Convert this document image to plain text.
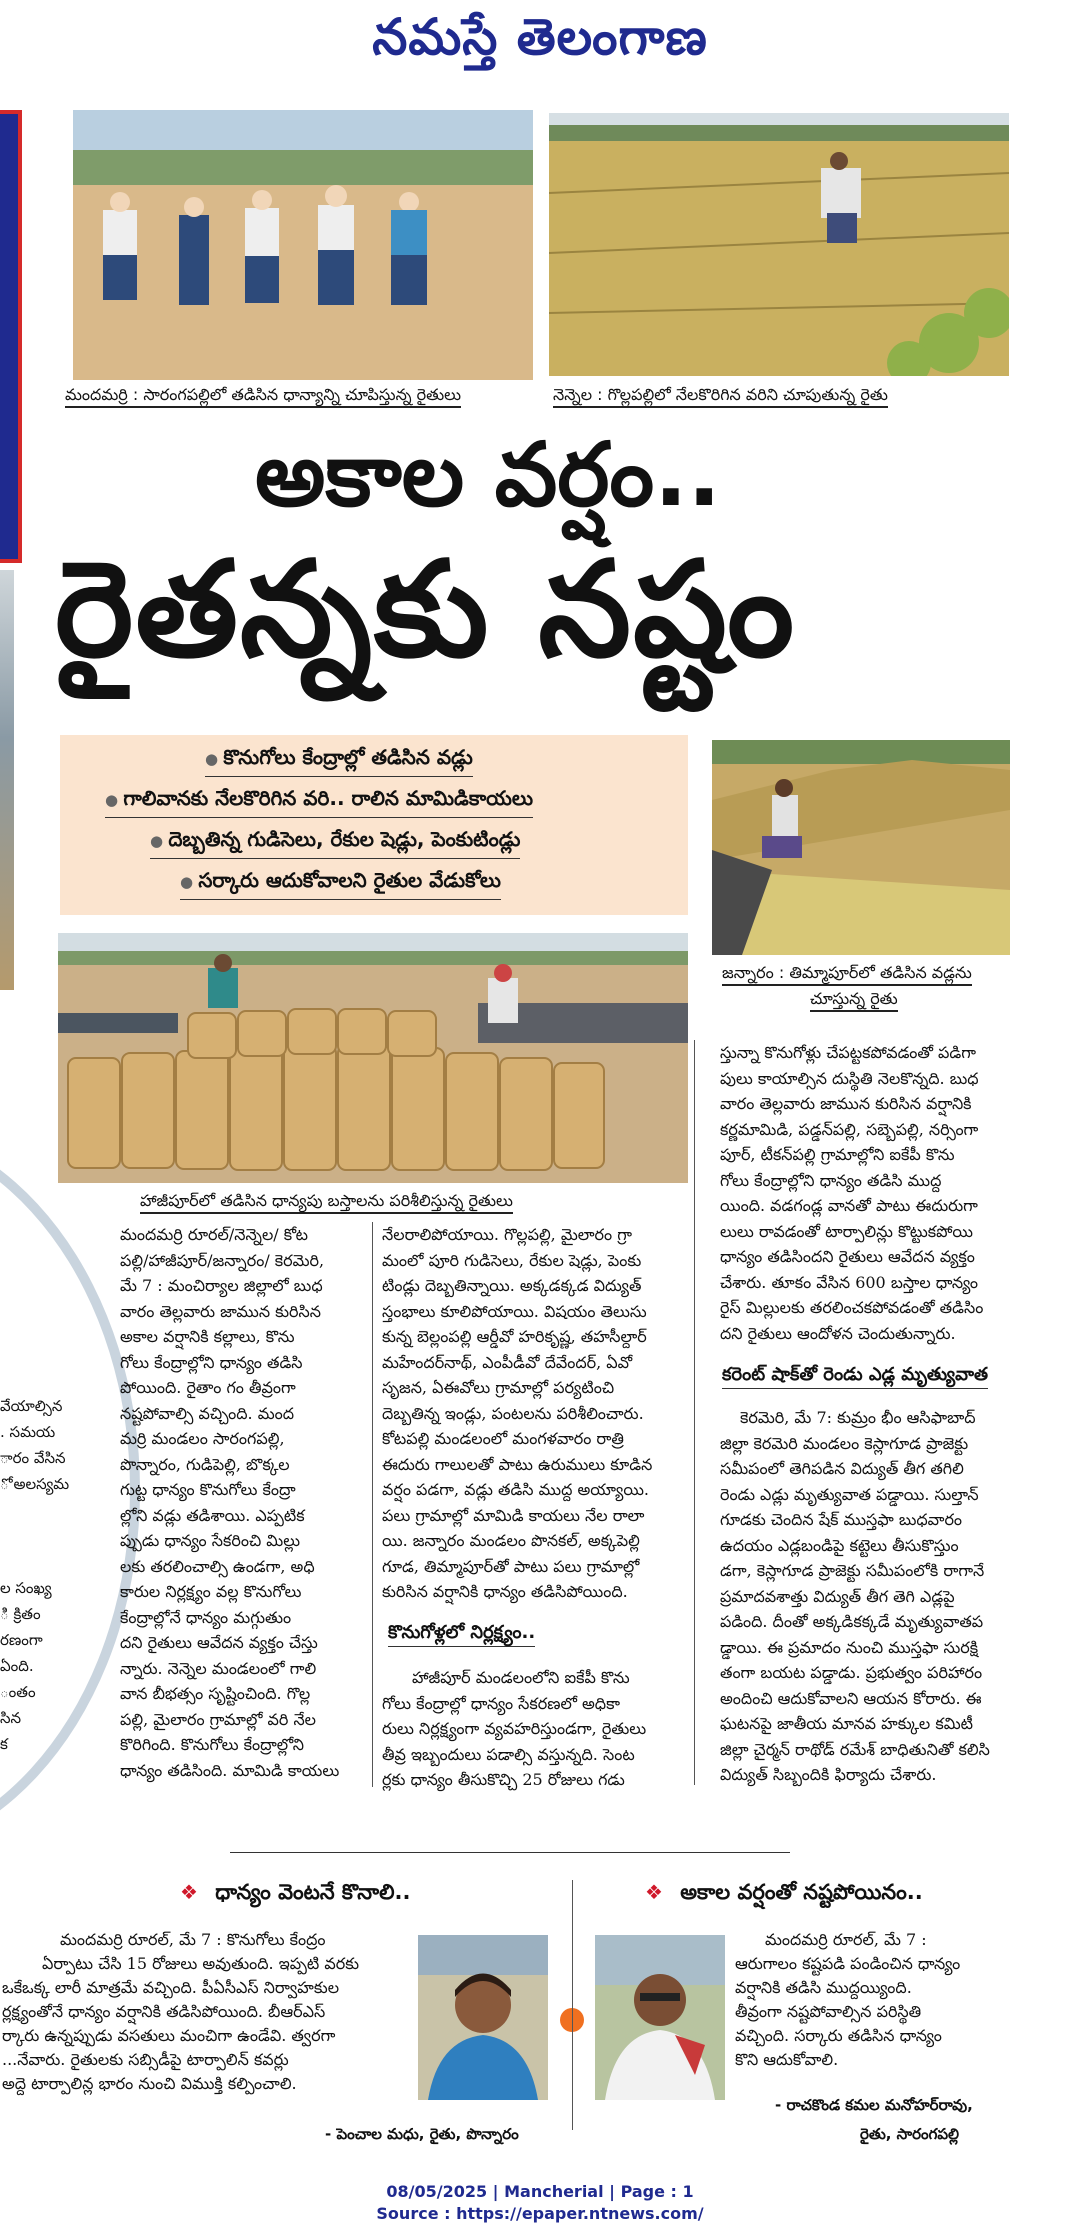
నమస్తే తెలంగాణ
మందమర్రి : సారంగపల్లిలో తడిసిన ధాన్యాన్ని చూపిస్తున్న రైతులు	నెన్నెల : గొల్లపల్లిలో నేలకొరిగిన వరిని చూపుతున్న రైతు
అకాల వర్షం..
రైతన్నకు నష్టం
● కొనుగోలు కేంద్రాల్లో తడిసిన వడ్లు
● గాలివానకు నేలకొరిగిన వరి.. రాలిన మామిడికాయలు
● దెబ్బతిన్న గుడిసెలు, రేకుల షెడ్లు, పెంకుటిండ్లు
● సర్కారు ఆదుకోవాలని రైతుల వేడుకోలు
జన్నారం : తిమ్మాపూర్‌లో తడిసిన వడ్లను
చూస్తున్న రైతు
హాజీపూర్‌లో తడిసిన ధాన్యపు బస్తాలను పరిశీలిస్తున్న రైతులు
వేయాల్సిన
. సమయ
ారం వేసిన
ో అలస్యమ

ల సంఖ్య
ి క్రితం
రణంగా
ఏంది.
ంతం
సిన
క

మందమర్రి రూరల్/నెన్నెల/ కోట

పల్లి/హాజీపూర్/జన్నారం/ కెరమెరి,

మే 7 : మంచిర్యాల జిల్లాలో బుధ

వారం తెల్లవారు జామున కురిసిన

అకాల వర్షానికి కల్లాలు, కొను

గోలు కేంద్రాల్లోని ధాన్యం తడిసి

పోయింది. రైతాం గం తీవ్రంగా

నష్టపోవాల్సి వచ్చింది. మంద

మర్రి మండలం సారంగపల్లి,

పొన్నారం, గుడిపెల్లి, బొక్కల

గుట్ట ధాన్యం కొనుగోలు కేంద్రా

ల్లోని వడ్లు తడిశాయి. ఎప్పటిక

ప్పుడు ధాన్యం సేకరించి మిల్లు

లకు తరలించాల్సి ఉండగా, అధి

కారుల నిర్లక్ష్యం వల్ల కొనుగోలు

కేంద్రాల్లోనే ధాన్యం మగ్గుతుం

దని రైతులు ఆవేదన వ్యక్తం చేస్తు

న్నారు. నెన్నెల మండలంలో గాలి

వాన బీభత్సం సృష్టించింది. గొల్ల

పల్లి, మైలారం గ్రామాల్లో వరి నేల

కొరిగింది. కొనుగోలు కేంద్రాల్లోని

ధాన్యం తడిసింది. మామిడి కాయలు

నేలరాలిపోయాయి. గొల్లపల్లి, మైలారం గ్రా

మంలో పూరి గుడిసెలు, రేకుల షెడ్లు, పెంకు

టిండ్లు దెబ్బతిన్నాయి. అక్కడక్కడ విద్యుత్

స్తంభాలు కూలిపోయాయి. విషయం తెలుసు

కున్న బెల్లంపల్లి ఆర్డీవో హరికృష్ణ, తహసీల్దార్

మహేందర్‌నాథ్, ఎంపీడీవో దేవేందర్, ఏవో

సృజన, ఏఈవోలు గ్రామాల్లో పర్యటించి

దెబ్బతిన్న ఇండ్లు, పంటలను పరిశీలించారు.

కోటపల్లి మండలంలో మంగళవారం రాత్రి

ఈదురు గాలులతో పాటు ఉరుములు కూడిన

వర్షం పడగా, వడ్లు తడిసి ముద్ద అయ్యాయి.

పలు గ్రామాల్లో మామిడి కాయలు నేల రాలా

యి. జన్నారం మండలం పొనకల్, అక్కపెల్లి

గూడ, తిమ్మాపూర్‌తో పాటు పలు గ్రామాల్లో

కురిసిన వర్షానికి ధాన్యం తడిసిపోయింది.

కొనుగోళ్లలో నిర్లక్ష్యం..

హాజీపూర్ మండలంలోని ఐకేపీ కొను

గోలు కేంద్రాల్లో ధాన్యం సేకరణలో అధికా

రులు నిర్లక్ష్యంగా వ్యవహరిస్తుండగా, రైతులు

తీవ్ర ఇబ్బందులు పడాల్సి వస్తున్నది. సెంట

ర్లకు ధాన్యం తీసుకొచ్చి 25 రోజులు గడు

స్తున్నా కొనుగోళ్లు చేపట్టకపోవడంతో పడిగా

పులు కాయాల్సిన దుస్థితి నెలకొన్నది. బుధ

వారం తెల్లవారు జామున కురిసిన వర్షానికి

కర్ణమామిడి, పడ్డన్‌పల్లి, సబ్బెపల్లి, నర్సింగా

పూర్, టీకన్‌పల్లి గ్రామాల్లోని ఐకేపీ కొను

గోలు కేంద్రాల్లోని ధాన్యం తడిసి ముద్ద

యింది. వడగండ్ల వానతో పాటు ఈదురుగా

లులు రావడంతో టార్పాలిన్లు కొట్టుకపోయి

ధాన్యం తడిసిందని రైతులు ఆవేదన వ్యక్తం

చేశారు. తూకం వేసిన 600 బస్తాల ధాన్యం

రైస్ మిల్లులకు తరలించకపోవడంతో తడిసిం

దని రైతులు ఆందోళన చెందుతున్నారు.

కరెంట్ షాక్‌తో రెండు ఎడ్ల మృత్యువాత

కెరమెరి, మే 7: కుమ్రం భీం ఆసిఫాబాద్

జిల్లా కెరమెరి మండలం కెస్లాగూడ ప్రాజెక్టు

సమీపంలో తెగిపడిన విద్యుత్ తీగ తగిలి

రెండు ఎడ్లు మృత్యువాత పడ్డాయి. సుల్తాన్

గూడకు చెందిన షేక్ ముస్తఫా బుధవారం

ఉదయం ఎడ్లబండిపై కట్టెలు తీసుకొస్తుం

డగా, కెస్లాగూడ ప్రాజెక్టు సమీపంలోకి రాగానే

ప్రమాదవశాత్తు విద్యుత్ తీగ తెగి ఎడ్లపై

పడింది. దీంతో అక్కడికక్కడే మృత్యువాతప

డ్డాయి. ఈ ప్రమాదం నుంచి ముస్తఫా సురక్షి

తంగా బయట పడ్డాడు. ప్రభుత్వం పరిహారం

అందించి ఆదుకోవాలని ఆయన కోరారు. ఈ

ఘటనపై జాతీయ మానవ హక్కుల కమిటీ

జిల్లా చైర్మన్ రాథోడ్ రమేశ్ బాధితునితో కలిసి

విద్యుత్ సిబ్బందికి ఫిర్యాదు చేశారు.

❖ ధాన్యం వెంటనే కొనాలి..
మందమర్రి రూరల్, మే 7 : కొనుగోలు కేంద్రం
ఏర్పాటు చేసి 15 రోజులు అవుతుంది. ఇప్పటి వరకు
ఒకేఒక్క లారీ మాత్రమే వచ్చింది. పీఏసీఎస్ నిర్వాహకుల
ర్లక్ష్యంతోనే ధాన్యం వర్షానికి తడిసిపోయింది. బీఆర్‌ఎస్
ర్కారు ఉన్నప్పుడు వసతులు మంచిగా ఉండేవి. త్వరగా
...నేవారు. రైతులకు సబ్సిడీపై టార్పాలిన్ కవర్లు
అద్దె టార్పాలిన్ల భారం నుంచి విముక్తి కల్పించాలి.
- పెంచాల మధు, రైతు, పొన్నారం
❖ అకాల వర్షంతో నష్టపోయినం..
మందమర్రి రూరల్, మే 7 :
ఆరుగాలం కష్టపడి పండించిన ధాన్యం
వర్షానికి తడిసి ముద్దయ్యింది.
తీవ్రంగా నష్టపోవాల్సిన పరిస్థితి
వచ్చింది. సర్కారు తడిసిన ధాన్యం
కొని ఆదుకోవాలి.
- రాచకొండ కమల మనోహర్‌రావు,
రైతు, సారంగపల్లి
08/05/2025 | Mancherial | Page : 1
Source : https://epaper.ntnews.com/
